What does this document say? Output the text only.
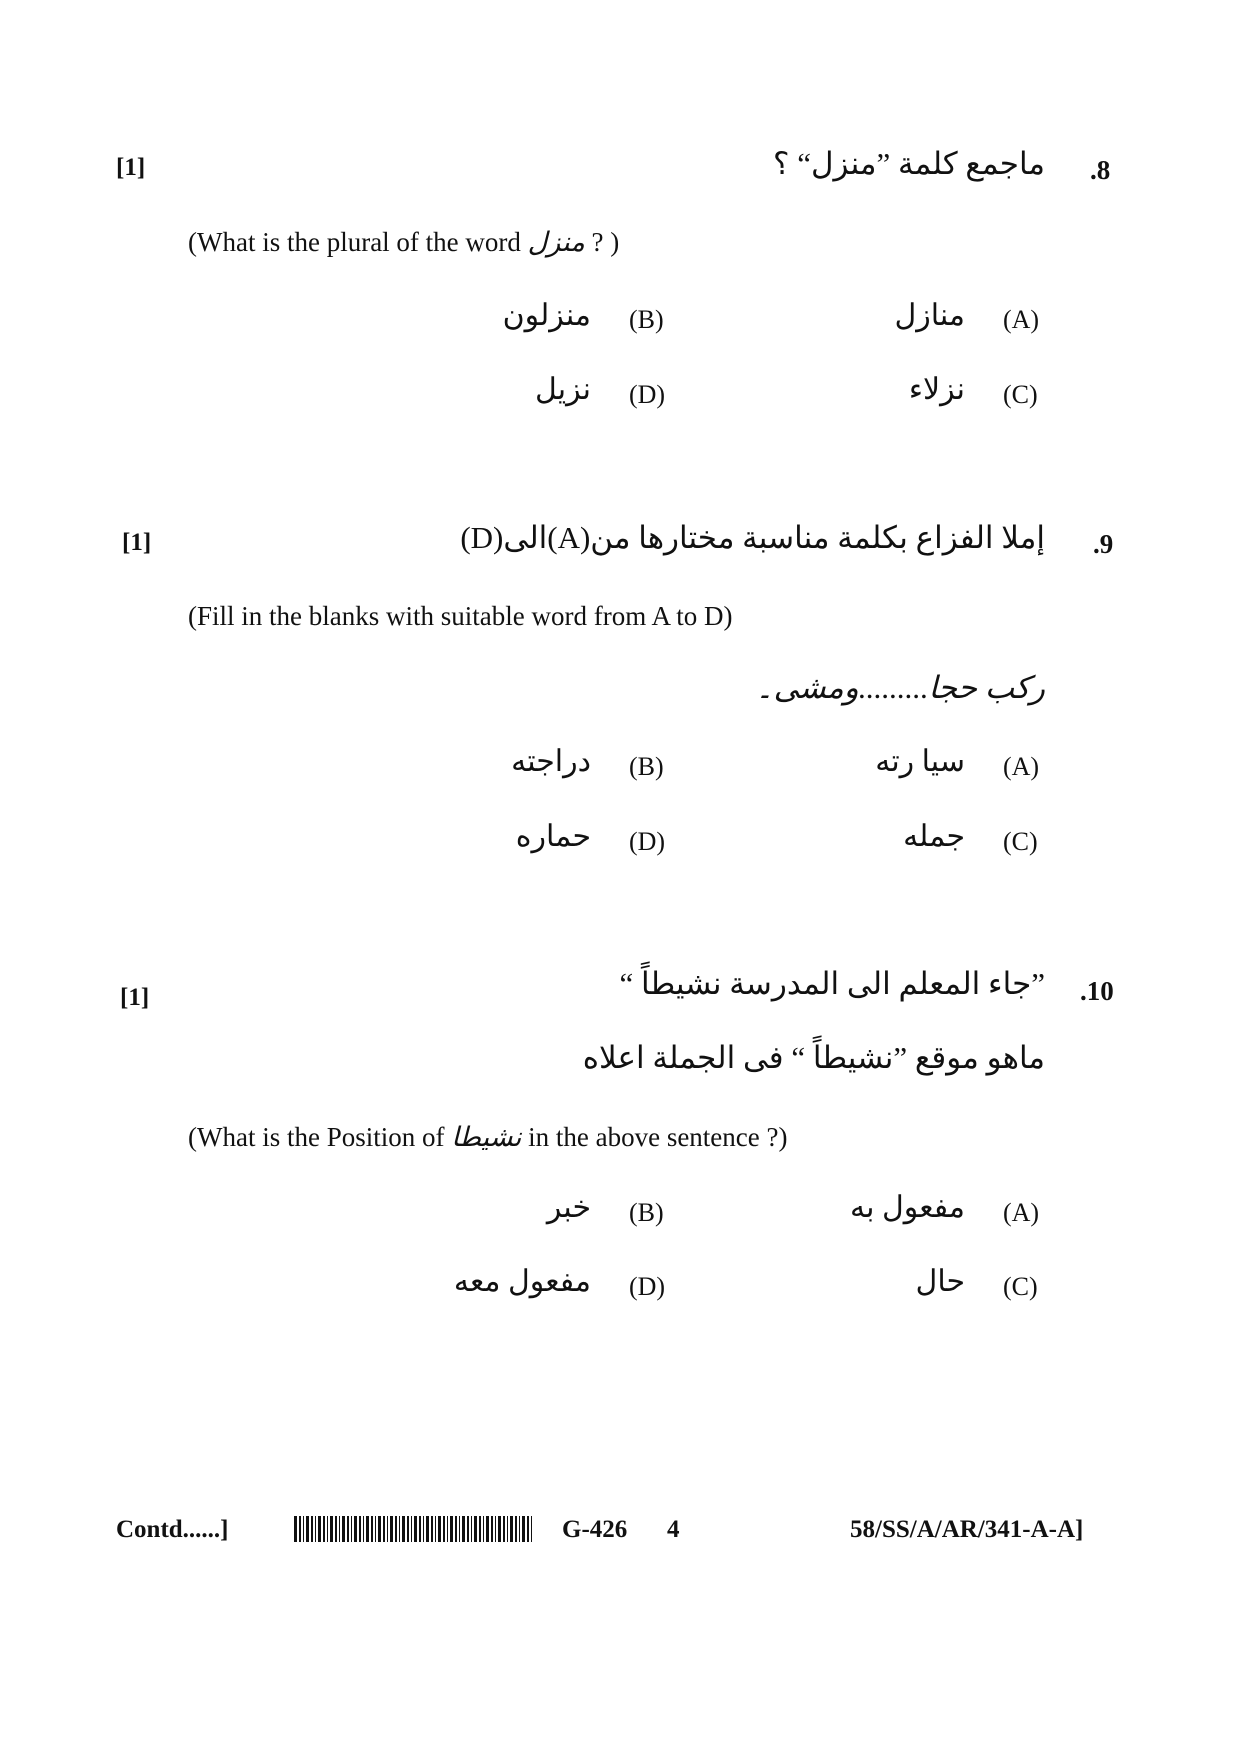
[1]	.8
ماجمع كلمة ”منزل“ ؟
(What is the plural of the word منزل ? )
(A)
منازل
(B)
منزلون
(C)
نزلاء
(D)
نزيل
[1]	.9
إملا الفزاع بكلمة مناسبة مختارها من(A)الى(D)
(Fill in the blanks with suitable word from A to D)
ركب حجا.........ومشى۔
(A)
سيا رته
(B)
دراجته
(C)
جمله
(D)
حماره
[1]	.10
”جاء المعلم الى المدرسة نشيطاً “
ماهو موقع ”نشيطاً “ فى الجملة اعلاه
(What is the Position of نشيطا in the above sentence ?)
(A)
مفعول به
(B)
خبر
(C)
حال
(D)
مفعول معه
Contd......]	G-426 4	58/SS/A/AR/341-A-A]
